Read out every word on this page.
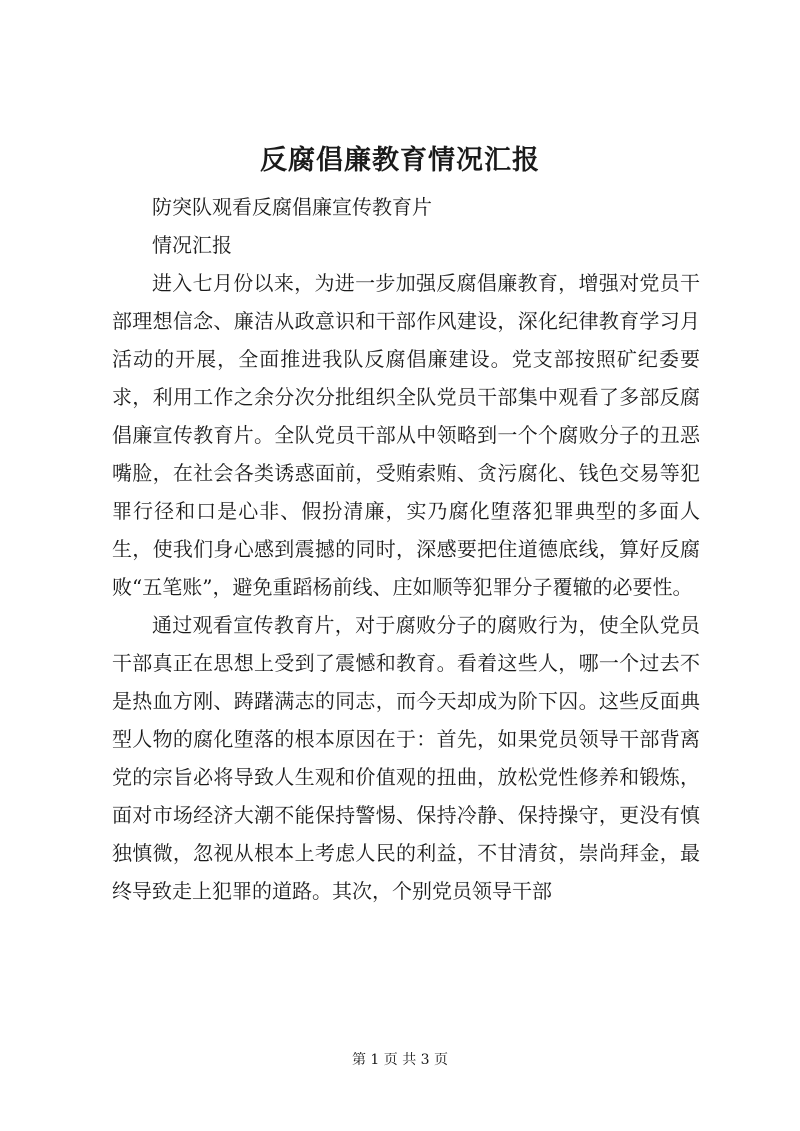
反腐倡廉教育情况汇报

防突队观看反腐倡廉宣传教育片

情况汇报

进入七月份以来，为进一步加强反腐倡廉教育，增强对党员干部理想信念、廉洁从政意识和干部作风建设，深化纪律教育学习月活动的开展，全面推进我队反腐倡廉建设。党支部按照矿纪委要求，利用工作之余分次分批组织全队党员干部集中观看了多部反腐倡廉宣传教育片。全队党员干部从中领略到一个个腐败分子的丑恶嘴脸，在社会各类诱惑面前，受贿索贿、贪污腐化、钱色交易等犯罪行径和口是心非、假扮清廉，实乃腐化堕落犯罪典型的多面人生，使我们身心感到震撼的同时，深感要把住道德底线，算好反腐败“五笔账”，避免重蹈杨前线、庄如顺等犯罪分子覆辙的必要性。

通过观看宣传教育片，对于腐败分子的腐败行为，使全队党员干部真正在思想上受到了震憾和教育。看着这些人，哪一个过去不是热血方刚、踌躇满志的同志，而今天却成为阶下囚。这些反面典型人物的腐化堕落的根本原因在于：首先，如果党员领导干部背离党的宗旨必将导致人生观和价值观的扭曲，放松党性修养和锻炼，面对市场经济大潮不能保持警惕、保持冷静、保持操守，更没有慎独慎微，忽视从根本上考虑人民的利益，不甘清贫，崇尚拜金，最终导致走上犯罪的道路。其次，个别党员领导干部

第 1 页 共 3 页
